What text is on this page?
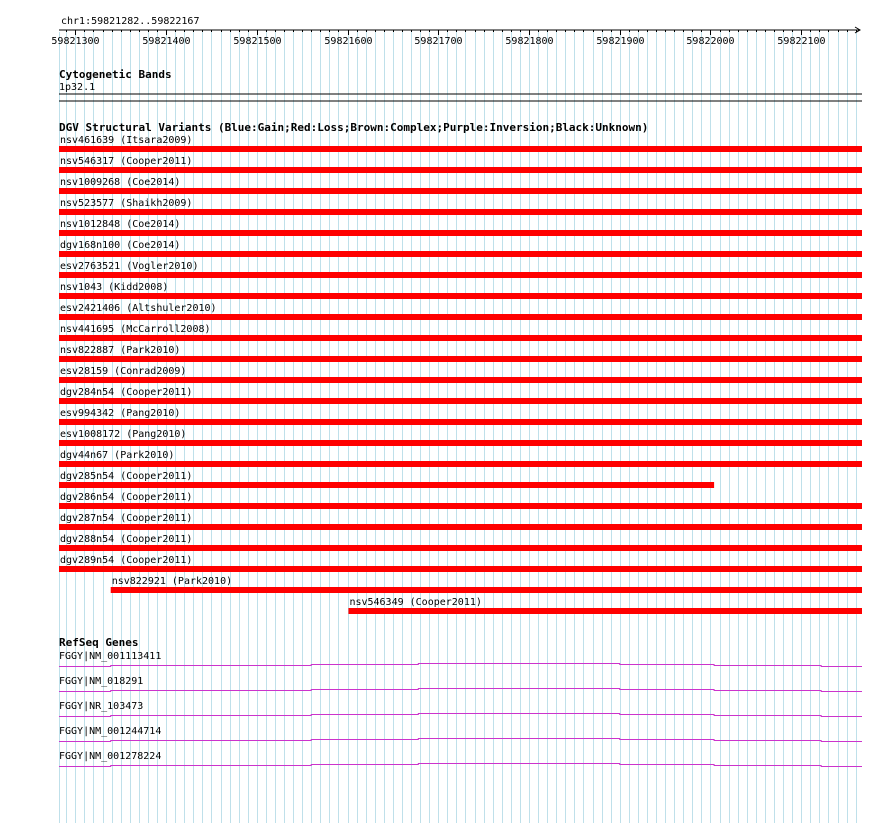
chr1:59821282..59822167
59821300	59821400	59821500	59821600	59821700	59821800	59821900	59822000	59822100
Cytogenetic Bands
1p32.1
DGV Structural Variants (Blue:Gain;Red:Loss;Brown:Complex;Purple:Inversion;Black:Unknown)
nsv461639 (Itsara2009)
nsv546317 (Cooper2011)
nsv1009268 (Coe2014)
nsv523577 (Shaikh2009)
nsv1012848 (Coe2014)
dgv168n100 (Coe2014)
esv2763521 (Vogler2010)
nsv1043 (Kidd2008)
esv2421406 (Altshuler2010)
nsv441695 (McCarroll2008)
nsv822887 (Park2010)
esv28159 (Conrad2009)
dgv284n54 (Cooper2011)
esv994342 (Pang2010)
esv1008172 (Pang2010)
dgv44n67 (Park2010)
dgv285n54 (Cooper2011)
dgv286n54 (Cooper2011)
dgv287n54 (Cooper2011)
dgv288n54 (Cooper2011)
dgv289n54 (Cooper2011)
nsv822921 (Park2010)
nsv546349 (Cooper2011)
RefSeq Genes
FGGY|NM_001113411
FGGY|NM_018291
FGGY|NR_103473
FGGY|NM_001244714
FGGY|NM_001278224
